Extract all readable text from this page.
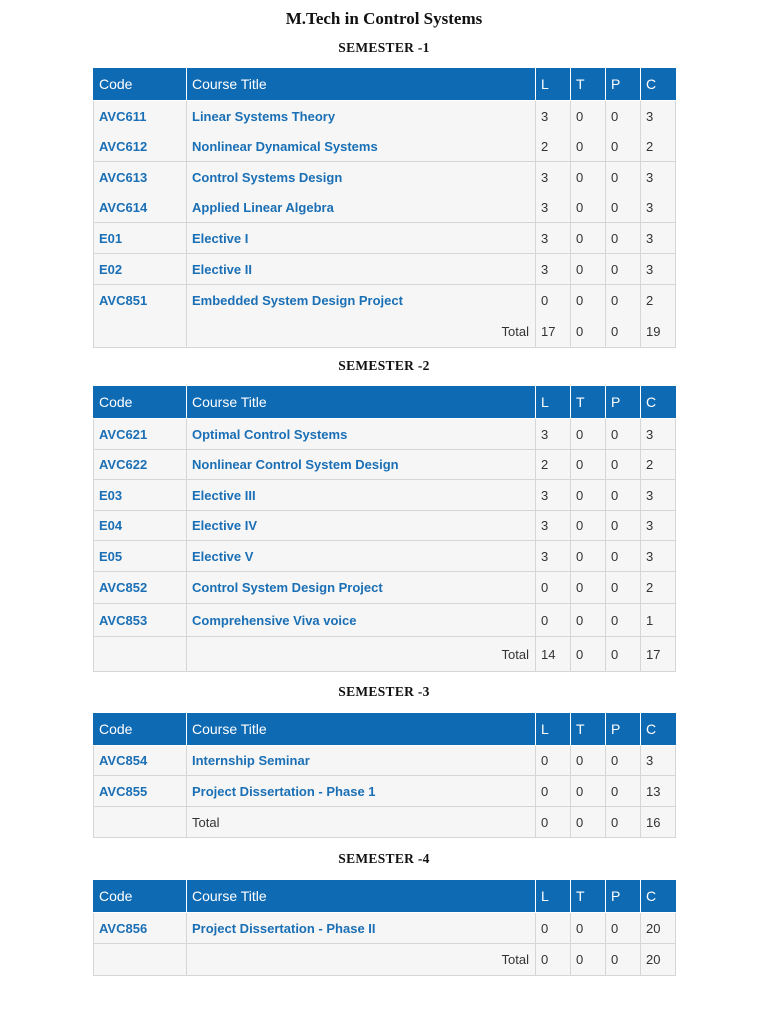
M.Tech in Control Systems
SEMESTER -1
Code	Course Title	L	T	P	C
AVC611	Linear Systems Theory	3	0	0	3
AVC612	Nonlinear Dynamical Systems	2	0	0	2
AVC613	Control Systems Design	3	0	0	3
AVC614	Applied Linear Algebra	3	0	0	3
E01	Elective I	3	0	0	3
E02	Elective II	3	0	0	3
AVC851	Embedded System Design Project	0	0	0	2
	Total	17	0	0	19
SEMESTER -2
Code	Course Title	L	T	P	C
AVC621	Optimal Control Systems	3	0	0	3
AVC622	Nonlinear Control System Design	2	0	0	2
E03	Elective III	3	0	0	3
E04	Elective IV	3	0	0	3
E05	Elective V	3	0	0	3
AVC852	Control System Design Project	0	0	0	2
AVC853	Comprehensive Viva voice	0	0	0	1
	Total	14	0	0	17
SEMESTER -3
Code	Course Title	L	T	P	C
AVC854	Internship Seminar	0	0	0	3
AVC855	Project Dissertation - Phase 1	0	0	0	13
	Total	0	0	0	16
SEMESTER -4
Code	Course Title	L	T	P	C
AVC856	Project Dissertation - Phase II	0	0	0	20
	Total	0	0	0	20
